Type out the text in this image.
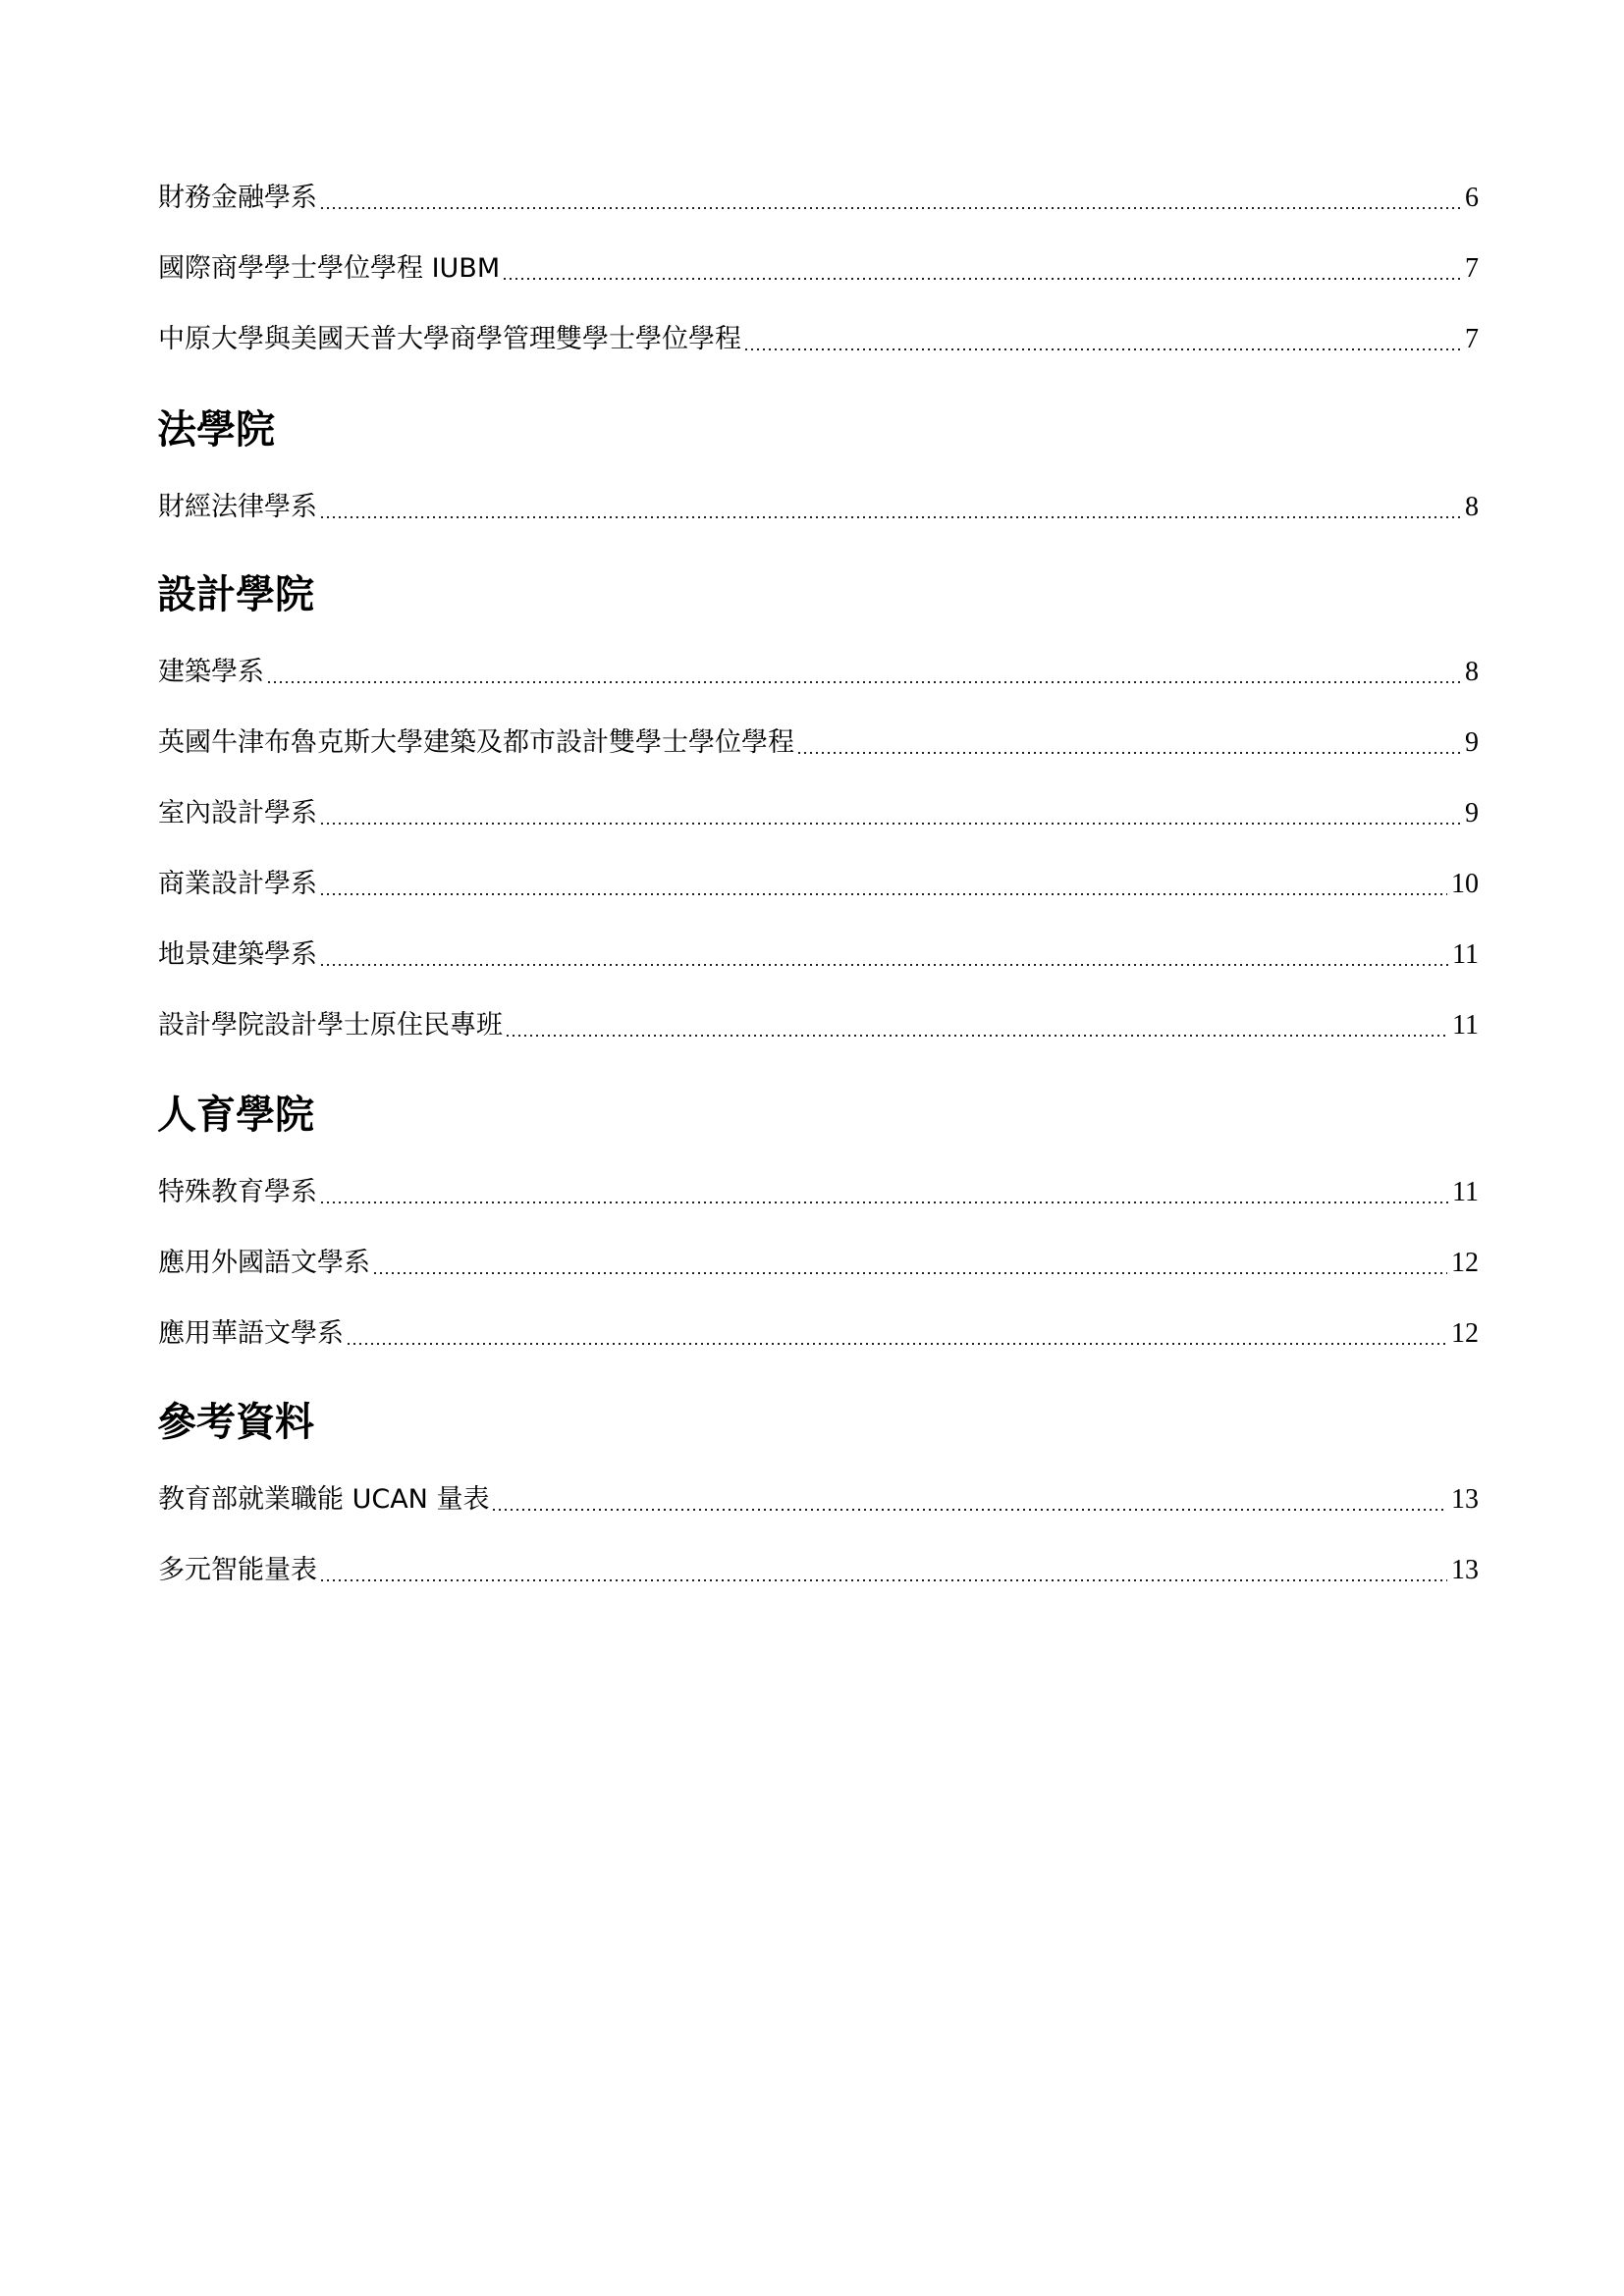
財務金融學系	6
國際商學學士學位學程 IUBM	7
中原大學與美國天普大學商學管理雙學士學位學程	7
法學院
財經法律學系	8
設計學院
建築學系	8
英國牛津布魯克斯大學建築及都市設計雙學士學位學程	9
室內設計學系	9
商業設計學系	10
地景建築學系	11
設計學院設計學士原住民專班	11
人育學院
特殊教育學系	11
應用外國語文學系	12
應用華語文學系	12
參考資料
教育部就業職能 UCAN 量表	13
多元智能量表	13
